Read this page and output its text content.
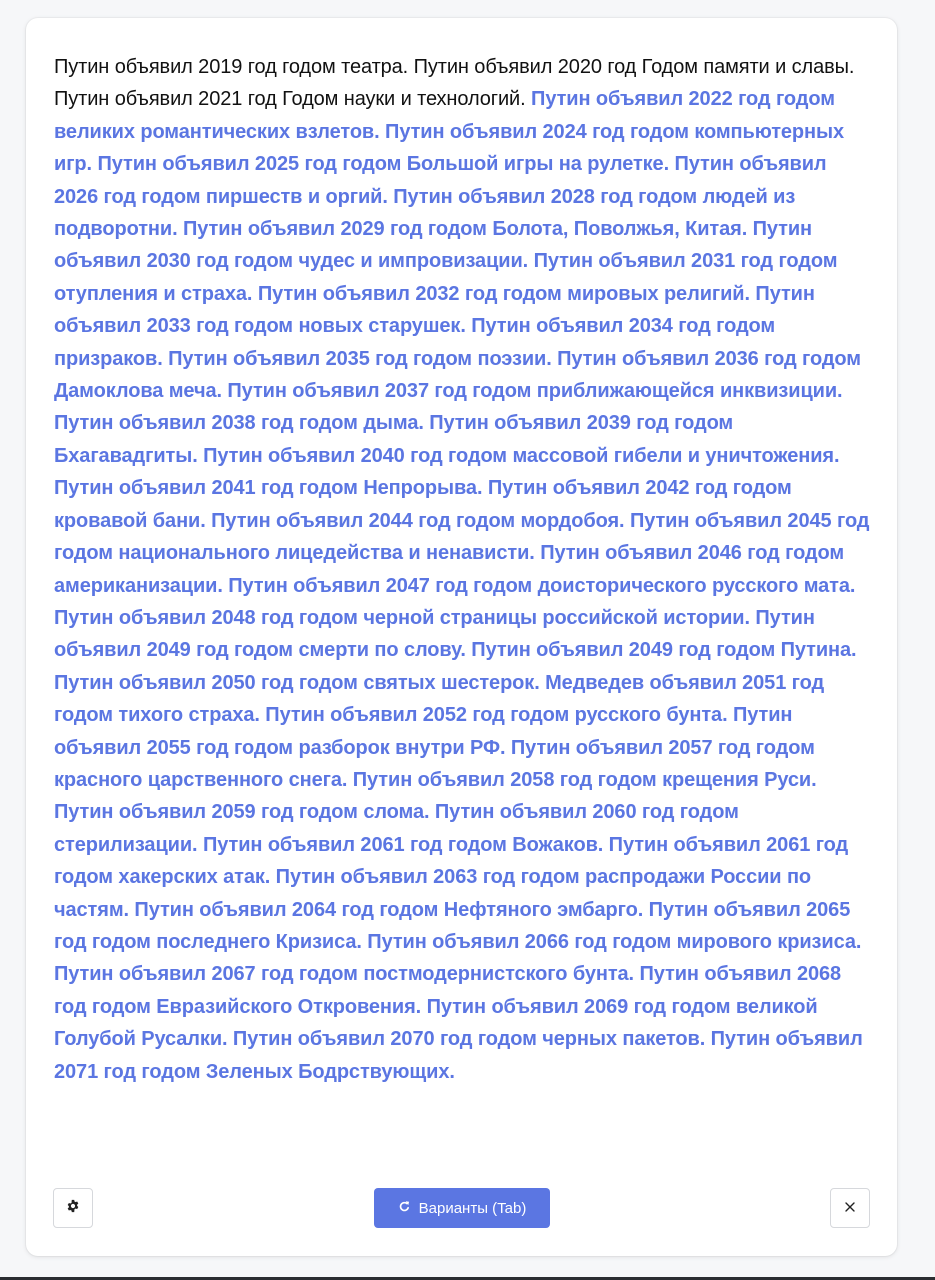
Путин объявил 2019 год годом театра. Путин объявил 2020 год Годом памяти и славы. Путин объявил 2021 год Годом науки и технологий. Путин объявил 2022 год годом великих романтических взлетов. Путин объявил 2024 год годом компьютерных игр. Путин объявил 2025 год годом Большой игры на рулетке. Путин объявил 2026 год годом пиршеств и оргий. Путин объявил 2028 год годом людей из подворотни. Путин объявил 2029 год годом Болота, Поволжья, Китая. Путин объявил 2030 год годом чудес и импровизации. Путин объявил 2031 год годом отупления и страха. Путин объявил 2032 год годом мировых религий. Путин объявил 2033 год годом новых старушек. Путин объявил 2034 год годом призраков. Путин объявил 2035 год годом поэзии. Путин объявил 2036 год годом Дамоклова меча. Путин объявил 2037 год годом приближающейся инквизиции. Путин объявил 2038 год годом дыма. Путин объявил 2039 год годом Бхагавадгиты. Путин объявил 2040 год годом массовой гибели и уничтожения. Путин объявил 2041 год годом Непрорыва. Путин объявил 2042 год годом кровавой бани. Путин объявил 2044 год годом мордобоя. Путин объявил 2045 год годом национального лицедейства и ненависти. Путин объявил 2046 год годом американизации. Путин объявил 2047 год годом доисторического русского мата. Путин объявил 2048 год годом черной страницы российской истории. Путин объявил 2049 год годом смерти по слову. Путин объявил 2049 год годом Путина. Путин объявил 2050 год годом святых шестерок. Медведев объявил 2051 год годом тихого страха. Путин объявил 2052 год годом русского бунта. Путин объявил 2055 год годом разборок внутри РФ. Путин объявил 2057 год годом красного царственного снега. Путин объявил 2058 год годом крещения Руси. Путин объявил 2059 год годом слома. Путин объявил 2060 год годом стерилизации. Путин объявил 2061 год годом Вожаков. Путин объявил 2061 год годом хакерских атак. Путин объявил 2063 год годом распродажи России по частям. Путин объявил 2064 год годом Нефтяного эмбарго. Путин объявил 2065 год годом последнего Кризиса. Путин объявил 2066 год годом мирового кризиса. Путин объявил 2067 год годом постмодернистского бунта. Путин объявил 2068 год годом Евразийского Откровения. Путин объявил 2069 год годом великой Голубой Русалки. Путин объявил 2070 год годом черных пакетов. Путин объявил 2071 год годом Зеленых Бодрствующих.
Варианты (Tab)
